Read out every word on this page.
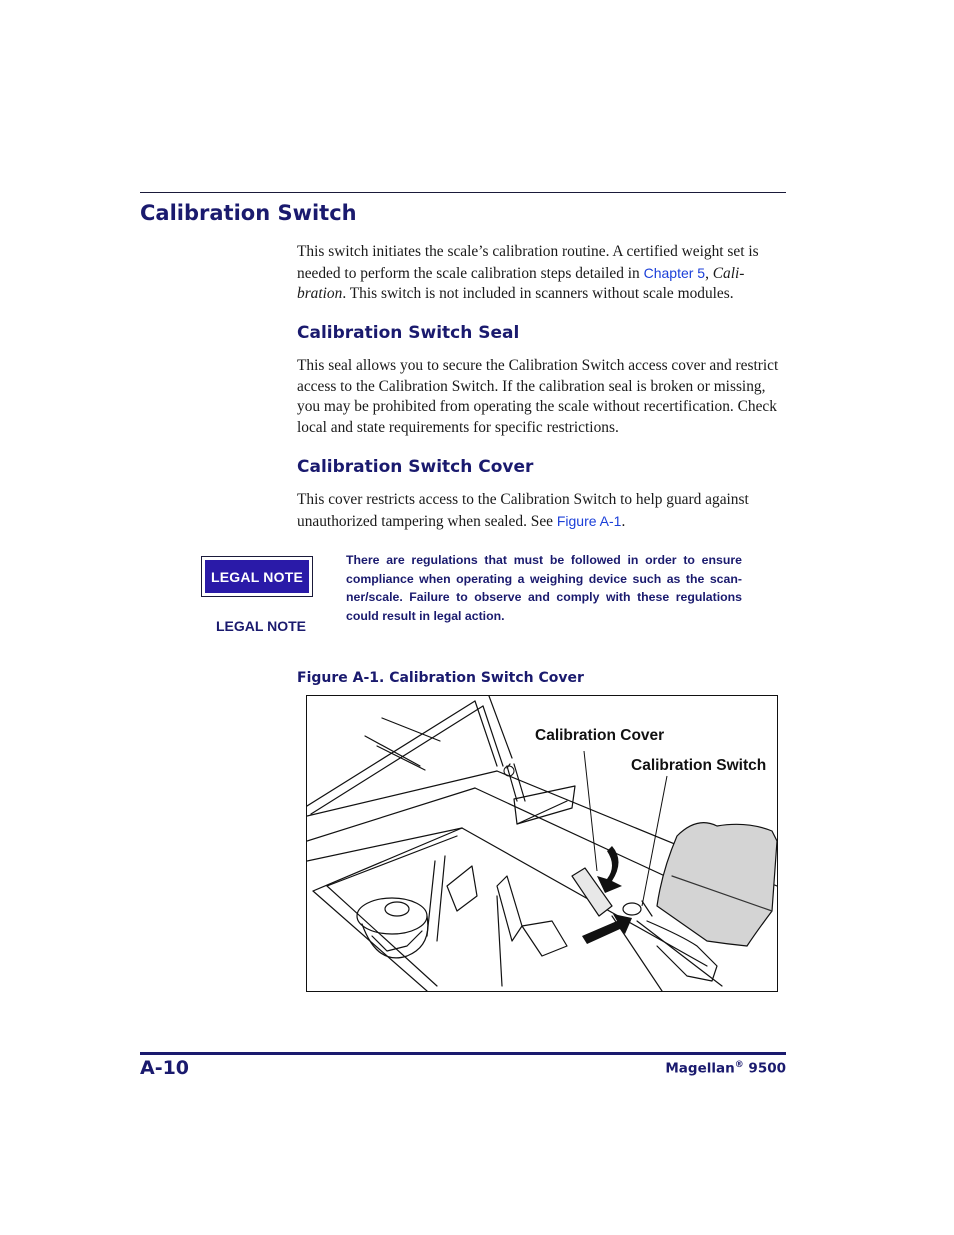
Calibration Switch

This switch initiates the scale’s calibration routine. A certified weight set is needed to perform the scale calibration steps detailed in Chapter 5, Calibration. This switch is not included in scanners without scale modules.

Calibration Switch Seal

This seal allows you to secure the Calibration Switch access cover and restrict access to the Calibration Switch. If the calibration seal is broken or missing, you may be prohibited from operating the scale without recertification. Check local and state requirements for specific restrictions.

Calibration Switch Cover

This cover restricts access to the Calibration Switch to help guard against unauthorized tampering when sealed. See Figure A-1.

LEGAL NOTE
LEGAL NOTE

There are regulations that must be followed in order to ensure compliance when operating a weighing device such as the scanner/scale. Failure to observe and comply with these regulations could result in legal action.

Figure A-1. Calibration Switch Cover
Calibration Cover
Calibration Switch
A-10	Magellan® 9500
